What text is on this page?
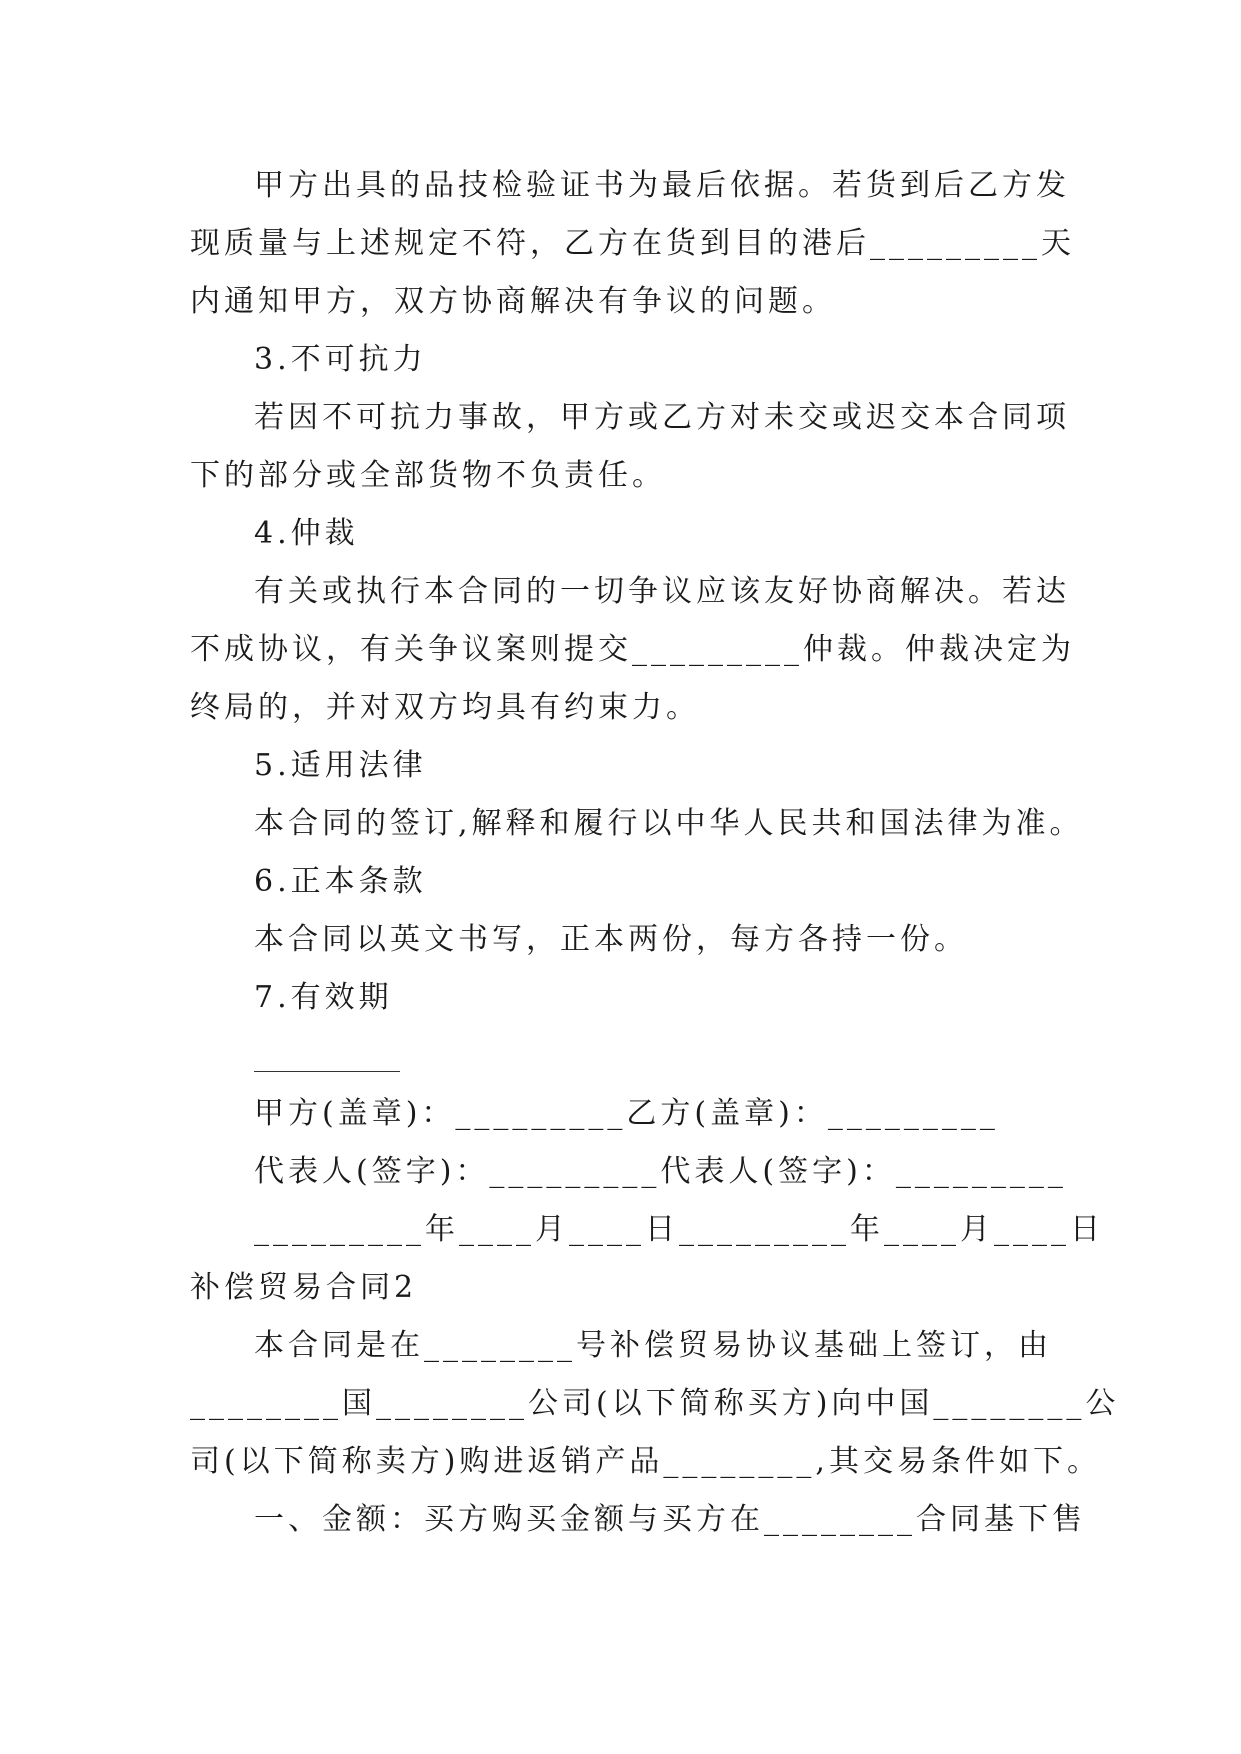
甲方出具的品技检验证书为最后依据。若货到后乙方发
现质量与上述规定不符，乙方在货到目的港后_________天
内通知甲方，双方协商解决有争议的问题。
3.不可抗力
若因不可抗力事故，甲方或乙方对未交或迟交本合同项
下的部分或全部货物不负责任。
4.仲裁
有关或执行本合同的一切争议应该友好协商解决。若达
不成协议，有关争议案则提交_________仲裁。仲裁决定为
终局的，并对双方均具有约束力。
5.适用法律
本合同的签订,解释和履行以中华人民共和国法律为准。
6.正本条款
本合同以英文书写，正本两份，每方各持一份。
7.有效期
甲方(盖章)：_________乙方(盖章)：_________
代表人(签字)：_________代表人(签字)：_________
_________年____月____日_________年____月____日
补偿贸易合同2
本合同是在________号补偿贸易协议基础上签订，由
________国________公司(以下简称买方)向中国________公
司(以下简称卖方)购进返销产品________,其交易条件如下。
一、金额：买方购买金额与买方在________合同基下售
